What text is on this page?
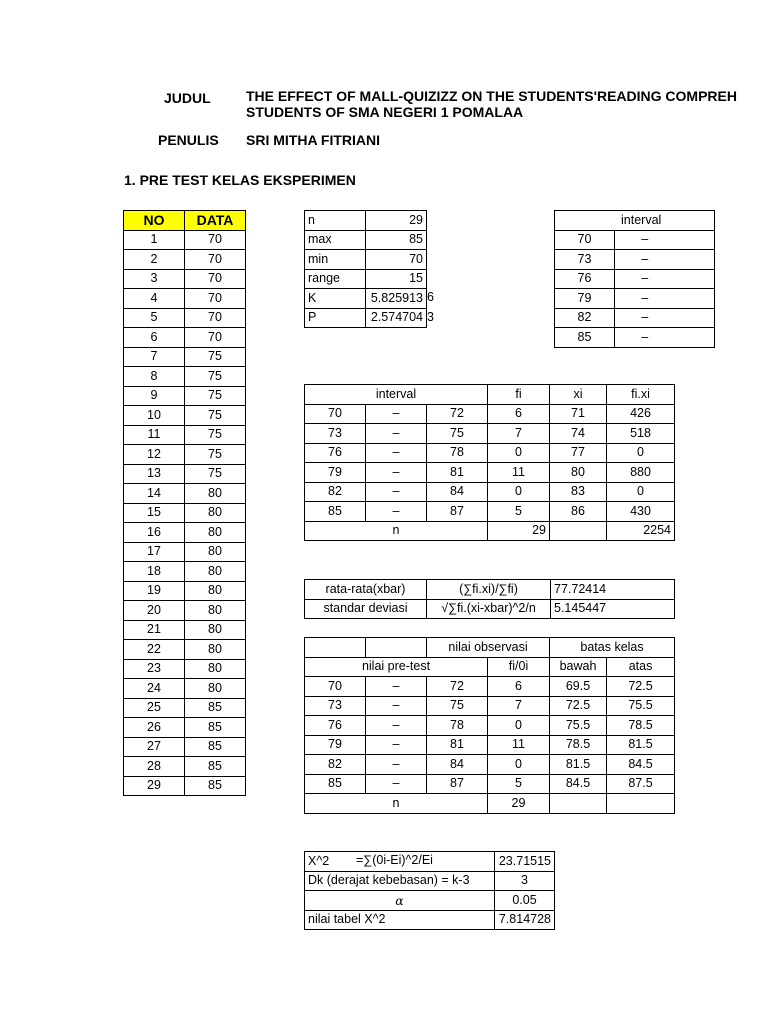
JUDUL	THE EFFECT OF MALL-QUIZIZZ ON THE STUDENTS'READING COMPREH
STUDENTS OF SMA NEGERI 1 POMALAA
PENULIS SRI MITHA FITRIANI
1. PRE TEST KELAS EKSPERIMEN
NO	DATA
1	70
2	70
3	70
4	70
5	70
6	70
7	75
8	75
9	75
10	75
11	75
12	75
13	75
14	80
15	80
16	80
17	80
18	80
19	80
20	80
21	80
22	80
23	80
24	80
25	85
26	85
27	85
28	85
29	85
n	29
max	85
min	70
range	15
K	5.825913
P	2.574704
6
3
interval		
70	–	
73	–	
76	–	
79	–	
82	–	
85	–	
interval			fi	xi	fi.xi
70	–	72	6	71	426
73	–	75	7	74	518
76	–	78	0	77	0
79	–	81	11	80	880
82	–	84	0	83	0
85	–	87	5	86	430
n			29		2254
rata-rata(xbar)	(∑fi.xi)/∑fi)	77.72414
standar deviasi	√∑fi.(xi-xbar)^2/n	5.145447
		nilai observasi		batas kelas	
nilai pre-test			fi/0i	bawah	atas
70	–	72	6	69.5	72.5
73	–	75	7	72.5	75.5
76	–	78	0	75.5	78.5
79	–	81	11	78.5	81.5
82	–	84	0	81.5	84.5
85	–	87	5	84.5	87.5
n			29		
X^2 =∑(0i-Ei)^2/Ei	23.71515
Dk (derajat kebebasan) = k-3	3
𝛼	0.05
nilai tabel X^2	7.814728
